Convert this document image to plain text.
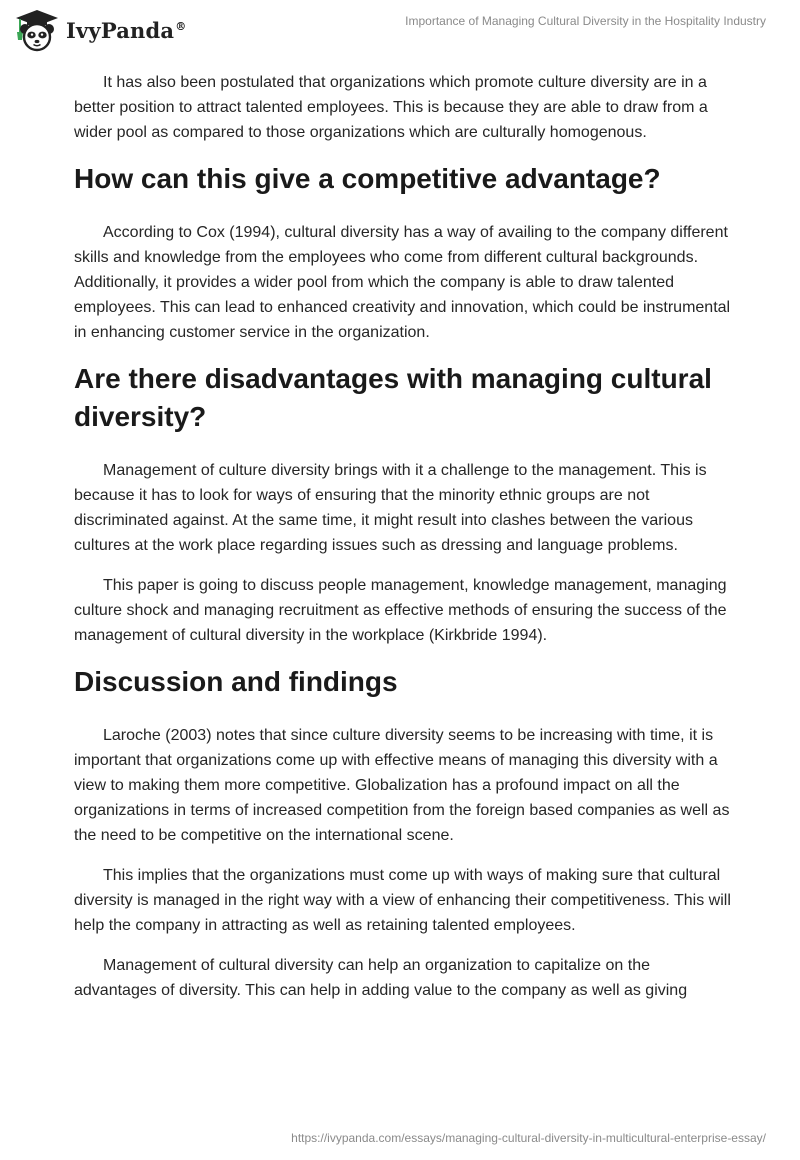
IvyPanda®	Importance of Managing Cultural Diversity in the Hospitality Industry

It has also been postulated that organizations which promote culture diversity are in a better position to attract talented employees. This is because they are able to draw from a wider pool as compared to those organizations which are culturally homogenous.

How can this give a competitive advantage?

According to Cox (1994), cultural diversity has a way of availing to the company different skills and knowledge from the employees who come from different cultural backgrounds. Additionally, it provides a wider pool from which the company is able to draw talented employees. This can lead to enhanced creativity and innovation, which could be instrumental in enhancing customer service in the organization.

Are there disadvantages with managing cultural diversity?

Management of culture diversity brings with it a challenge to the management. This is because it has to look for ways of ensuring that the minority ethnic groups are not discriminated against. At the same time, it might result into clashes between the various cultures at the work place regarding issues such as dressing and language problems.

This paper is going to discuss people management, knowledge management, managing culture shock and managing recruitment as effective methods of ensuring the success of the management of cultural diversity in the workplace (Kirkbride 1994).

Discussion and findings

Laroche (2003) notes that since culture diversity seems to be increasing with time, it is important that organizations come up with effective means of managing this diversity with a view to making them more competitive. Globalization has a profound impact on all the organizations in terms of increased competition from the foreign based companies as well as the need to be competitive on the international scene.

This implies that the organizations must come up with ways of making sure that cultural diversity is managed in the right way with a view of enhancing their competitiveness. This will help the company in attracting as well as retaining talented employees.

Management of cultural diversity can help an organization to capitalize on the advantages of diversity. This can help in adding value to the company as well as giving

https://ivypanda.com/essays/managing-cultural-diversity-in-multicultural-enterprise-essay/
